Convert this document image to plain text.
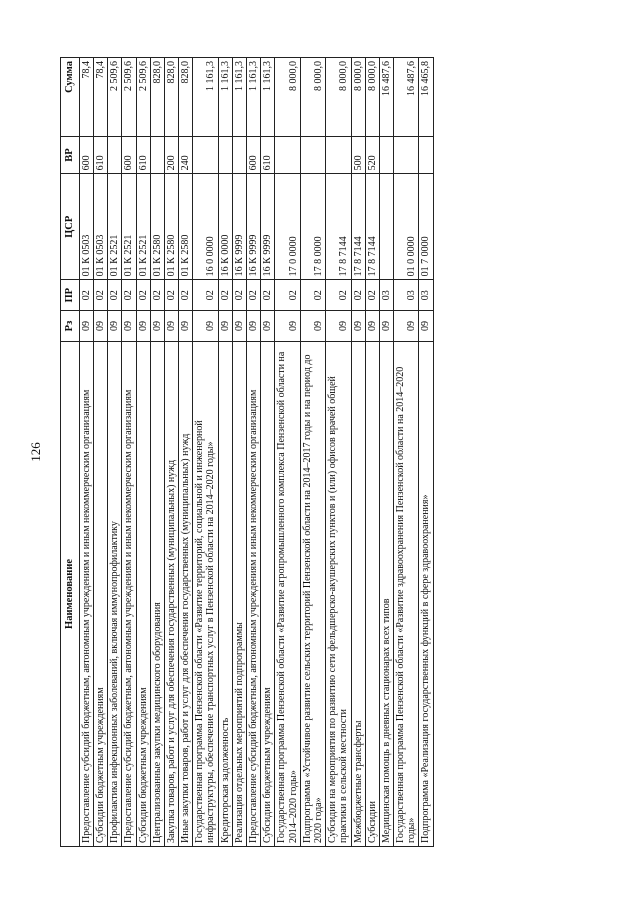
126
Наименование	Рз	ПР	ЦСР	ВР	Сумма
Предоставление субсидий бюджетным, автономным учреждениям и иным некоммерческим организациям	09	02	01 К 0503	600	78,4
Субсидии бюджетным учреждениям	09	02	01 К 0503	610	78,4
Профилактика инфекционных заболеваний, включая иммунопрофилактику	09	02	01 К 2521		2 509,6
Предоставление субсидий бюджетным, автономным учреждениям и иным некоммерческим организациям	09	02	01 К 2521	600	2 509,6
Субсидии бюджетным учреждениям	09	02	01 К 2521	610	2 509,6
Централизованные закупки медицинского оборудования	09	02	01 К 2580		828,0
Закупка товаров, работ и услуг для обеспечения государственных (муниципальных) нужд	09	02	01 К 2580	200	828,0
Иные закупки товаров, работ и услуг для обеспечения государственных (муниципальных) нужд	09	02	01 К 2580	240	828,0
Государственная программа Пензенской области «Развитие территорий, социальной и инженерной инфраструктуры, обеспечение транспортных услуг в Пензенской области на 2014–2020 годы»	09	02	16 0 0000		1 161,3
Кредиторская задолженность	09	02	16 К 0000		1 161,3
Реализация отдельных мероприятий подпрограммы	09	02	16 К 9999		1 161,3
Предоставление субсидий бюджетным, автономным учреждениям и иным некоммерческим организациям	09	02	16 К 9999	600	1 161,3
Субсидии бюджетным учреждениям	09	02	16 К 9999	610	1 161,3
Государственная программа Пензенской области «Развитие агропромышленного комплекса Пензенской области на 2014–2020 годы»	09	02	17 0 0000		8 000,0
Подпрограмма «Устойчивое развитие сельских территорий Пензенской области на 2014–2017 годы и на период до 2020 года»	09	02	17 8 0000		8 000,0
Субсидии на мероприятия по развитию сети фельдшерско-акушерских пунктов и (или) офисов врачей общей практики в сельской местности	09	02	17 8 7144		8 000,0
Межбюджетные трансферты	09	02	17 8 7144	500	8 000,0
Субсидии	09	02	17 8 7144	520	8 000,0
Медицинская помощь в дневных стационарах всех типов	09	03			16 487,6
Государственная программа Пензенской области «Развитие здравоохранения Пензенской области на 2014–2020 годы»	09	03	01 0 0000		16 487,6
Подпрограмма «Реализация государственных функций в сфере здравоохранения»	09	03	01 7 0000		16 465,8
